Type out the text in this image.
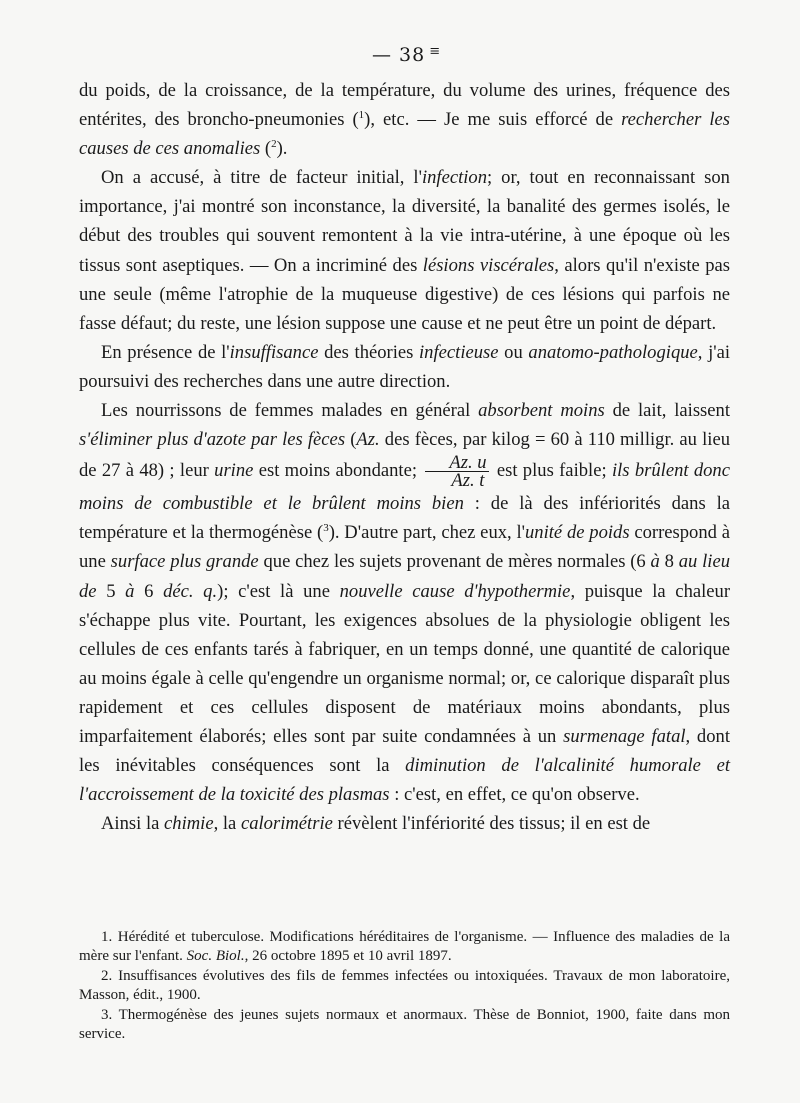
— 38 ≡

du poids, de la croissance, de la température, du volume des urines, fréquence des entérites, des broncho-pneumonies ($^1$), etc. — Je me suis efforcé de rechercher les causes de ces anomalies ($^2$).

On a accusé, à titre de facteur initial, l'infection; or, tout en reconnaissant son importance, j'ai montré son inconstance, la diversité, la banalité des germes isolés, le début des troubles qui souvent remontent à la vie intra-utérine, à une époque où les tissus sont aseptiques. — On a incriminé des lésions viscérales, alors qu'il n'existe pas une seule (même l'atrophie de la muqueuse digestive) de ces lésions qui parfois ne fasse défaut; du reste, une lésion suppose une cause et ne peut être un point de départ.

En présence de l'insuffisance des théories infectieuse ou anatomo-pathologique, j'ai poursuivi des recherches dans une autre direction.

Les nourrissons de femmes malades en général absorbent moins de lait, laissent s'éliminer plus d'azote par les fèces (Az. des fèces, par kilog = 60 à 110 milligr. au lieu de 27 à 48) ; leur urine est moins abondante; $\frac{Az. u}{Az. t}$ est plus faible; ils brûlent donc moins de combustible et le brûlent moins bien : de là des infériorités dans la température et la thermogénèse ($^3$). D'autre part, chez eux, l'unité de poids correspond à une surface plus grande que chez les sujets provenant de mères normales (6 à 8 au lieu de 5 à 6 déc. q.); c'est là une nouvelle cause d'hypothermie, puisque la chaleur s'échappe plus vite. Pourtant, les exigences absolues de la physiologie obligent les cellules de ces enfants tarés à fabriquer, en un temps donné, une quantité de calorique au moins égale à celle qu'engendre un organisme normal; or, ce calorique disparaît plus rapidement et ces cellules disposent de matériaux moins abondants, plus imparfaitement élaborés; elles sont par suite condamnées à un surmenage fatal, dont les inévitables conséquences sont la diminution de l'alcalinité humorale et l'accroissement de la toxicité des plasmas : c'est, en effet, ce qu'on observe.

Ainsi la chimie, la calorimétrie révèlent l'infériorité des tissus; il en est de

1. Hérédité et tuberculose. Modifications héréditaires de l'organisme. — Influence des maladies de la mère sur l'enfant. Soc. Biol., 26 octobre 1895 et 10 avril 1897.

2. Insuffisances évolutives des fils de femmes infectées ou intoxiquées. Travaux de mon laboratoire, Masson, édit., 1900.

3. Thermogénèse des jeunes sujets normaux et anormaux. Thèse de Bonniot, 1900, faite dans mon service.
